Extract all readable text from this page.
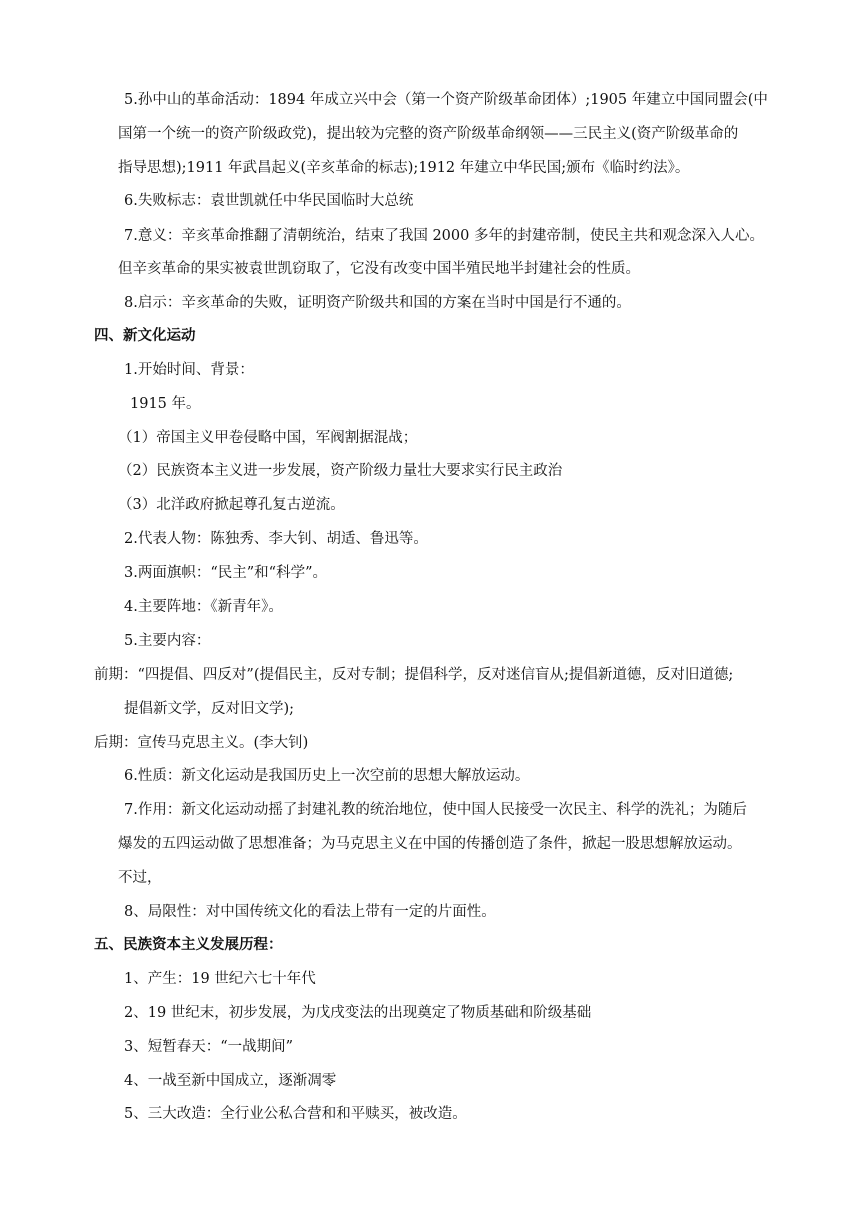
5.孙中山的革命活动：1894 年成立兴中会（第一个资产阶级革命团体）;1905 年建立中国同盟会(中
国第一个统一的资产阶级政党)，提出较为完整的资产阶级革命纲领——三民主义(资产阶级革命的
指导思想);1911 年武昌起义(辛亥革命的标志);1912 年建立中华民国;颁布《临时约法》。
6.失败标志：袁世凯就任中华民国临时大总统
7.意义：辛亥革命推翻了清朝统治，结束了我国 2000 多年的封建帝制，使民主共和观念深入人心。
但辛亥革命的果实被袁世凯窃取了，它没有改变中国半殖民地半封建社会的性质。
8.启示：辛亥革命的失败，证明资产阶级共和国的方案在当时中国是行不通的。
四、新文化运动
1.开始时间、背景：
1915 年。
（1）帝国主义甲卷侵略中国，军阀割据混战；
（2）民族资本主义进一步发展，资产阶级力量壮大要求实行民主政治
（3）北洋政府掀起尊孔复古逆流。
2.代表人物：陈独秀、李大钊、胡适、鲁迅等。
3.两面旗帜：“民主”和“科学”。
4.主要阵地：《新青年》。
5.主要内容：
前期：“四提倡、四反对”(提倡民主，反对专制；提倡科学，反对迷信盲从;提倡新道德，反对旧道德;
提倡新文学，反对旧文学);
后期：宣传马克思主义。(李大钊)
6.性质：新文化运动是我国历史上一次空前的思想大解放运动。
7.作用：新文化运动动摇了封建礼教的统治地位，使中国人民接受一次民主、科学的洗礼；为随后
爆发的五四运动做了思想准备；为马克思主义在中国的传播创造了条件，掀起一股思想解放运动。
不过，
8、局限性：对中国传统文化的看法上带有一定的片面性。
五、民族资本主义发展历程：
1、产生：19 世纪六七十年代
2、19 世纪末，初步发展，为戊戌变法的出现奠定了物质基础和阶级基础
3、短暂春天：“一战期间”
4、一战至新中国成立，逐渐凋零
5、三大改造：全行业公私合营和和平赎买，被改造。
